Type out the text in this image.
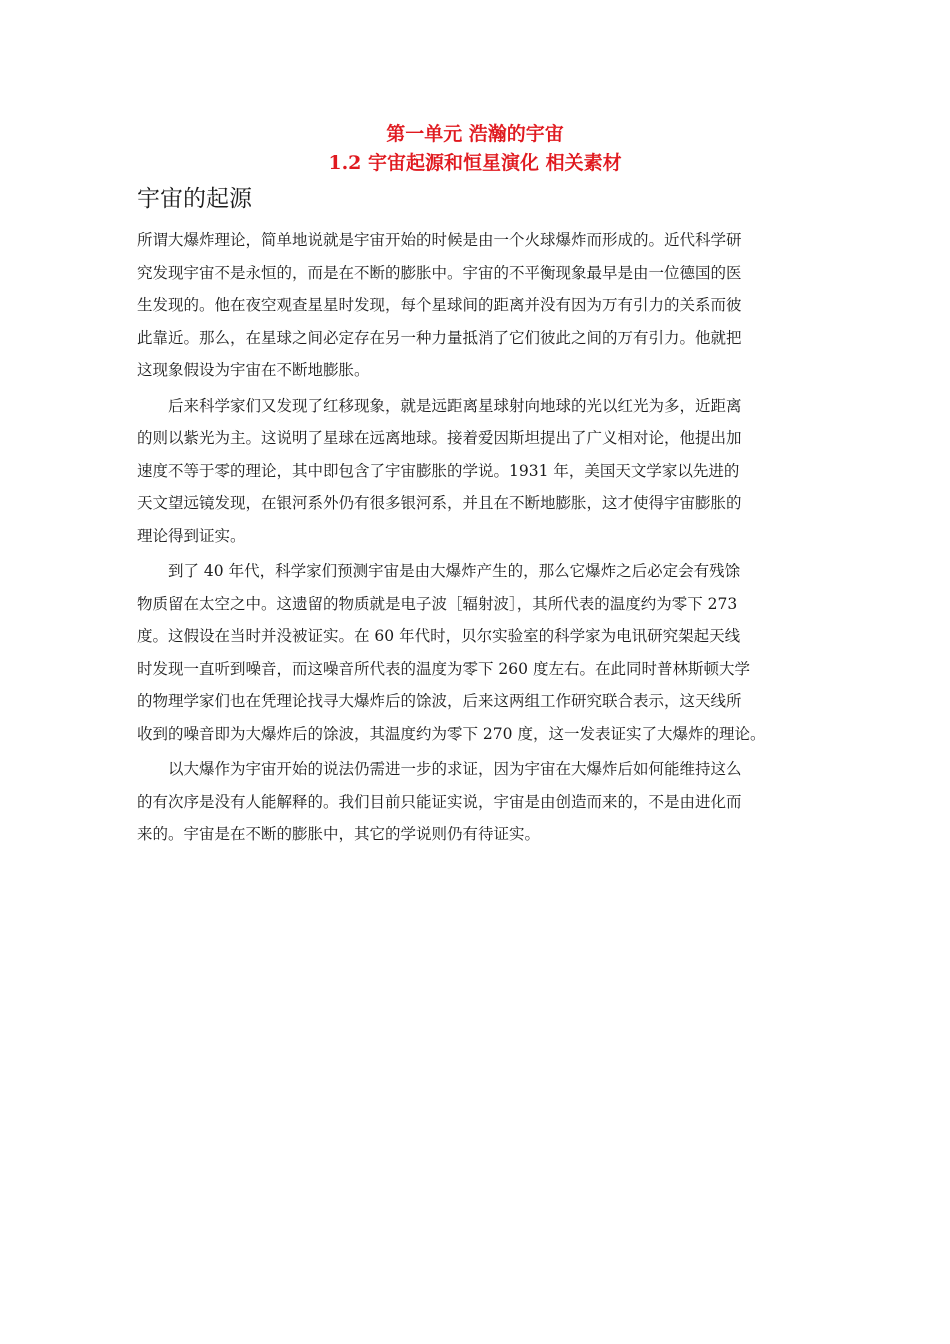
第一单元 浩瀚的宇宙
1.2 宇宙起源和恒星演化 相关素材
宇宙的起源
所谓大爆炸理论，简单地说就是宇宙开始的时候是由一个火球爆炸而形成的。近代科学研
究发现宇宙不是永恒的，而是在不断的膨胀中。宇宙的不平衡现象最早是由一位德国的医
生发现的。他在夜空观查星星时发现，每个星球间的距离并没有因为万有引力的关系而彼
此靠近。那么，在星球之间必定存在另一种力量抵消了它们彼此之间的万有引力。他就把
这现象假设为宇宙在不断地膨胀。
　　后来科学家们又发现了红移现象，就是远距离星球射向地球的光以红光为多，近距离
的则以紫光为主。这说明了星球在远离地球。接着爱因斯坦提出了广义相对论，他提出加
速度不等于零的理论，其中即包含了宇宙膨胀的学说。1931 年，美国天文学家以先进的
天文望远镜发现，在银河系外仍有很多银河系，并且在不断地膨胀，这才使得宇宙膨胀的
理论得到证实。
　　到了 40 年代，科学家们预测宇宙是由大爆炸产生的，那么它爆炸之后必定会有残馀
物质留在太空之中。这遗留的物质就是电子波［辐射波］，其所代表的温度约为零下 273
度。这假设在当时并没被证实。在 60 年代时，贝尔实验室的科学家为电讯研究架起天线
时发现一直听到噪音，而这噪音所代表的温度为零下 260 度左右。在此同时普林斯顿大学
的物理学家们也在凭理论找寻大爆炸后的馀波，后来这两组工作研究联合表示，这天线所
收到的噪音即为大爆炸后的馀波，其温度约为零下 270 度，这一发表证实了大爆炸的理论。
　　以大爆作为宇宙开始的说法仍需进一步的求证，因为宇宙在大爆炸后如何能维持这么
的有次序是没有人能解释的。我们目前只能证实说，宇宙是由创造而来的，不是由进化而
来的。宇宙是在不断的膨胀中，其它的学说则仍有待证实。
